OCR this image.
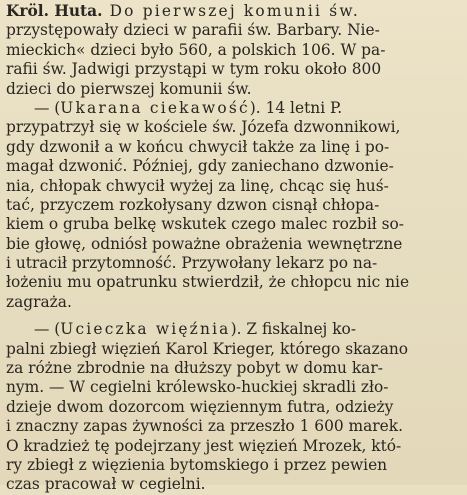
Kröl. Huta. Do pierwszej komunii św.
przystępowały dzieci w parafii św. Barbary. Nie-
mieckich« dzieci było 560, a polskich 106. W pa-
rafii św. Jadwigi przystąpi w tym roku około 800
dzieci do pierwszej komunii św.
— (Ukarana ciekawość). 14 letni P.
przypatrzył się w kościele św. Józefa dzwonnikowi,
gdy dzwonił a w końcu chwycił także za linę i po-
magał dzwonić. Później, gdy zaniechano dzwonie-
nia, chłopak chwycił wyżej za linę, chcąc się huś-
tać, przyczem rozkołysany dzwon cisnął chłopa-
kiem o gruba belkę wskutek czego malec rozbił so-
bie głowę, odniósł poważne obrażenia wewnętrzne
i utracił przytomność. Przywołany lekarz po na-
łożeniu mu opatrunku stwierdził, że chłopcu nic nie
zagraża.
— (Ucieczka więźnia). Z fiskalnej ko-
palni zbiegł więzień Karol Krieger, którego skazano
za różne zbrodnie na dłuższy pobyt w domu kar-
nym. — W cegielni królewsko-huckiej skradli zło-
dzieje dwom dozorcom więziennym futra, odzieży
i znaczny zapas żywności za przeszło 1 600 marek.
O kradzież tę podejrzany jest więzień Mrozek, któ-
ry zbiegł z więzienia bytomskiego i przez pewien
czas pracował w cegielni.
